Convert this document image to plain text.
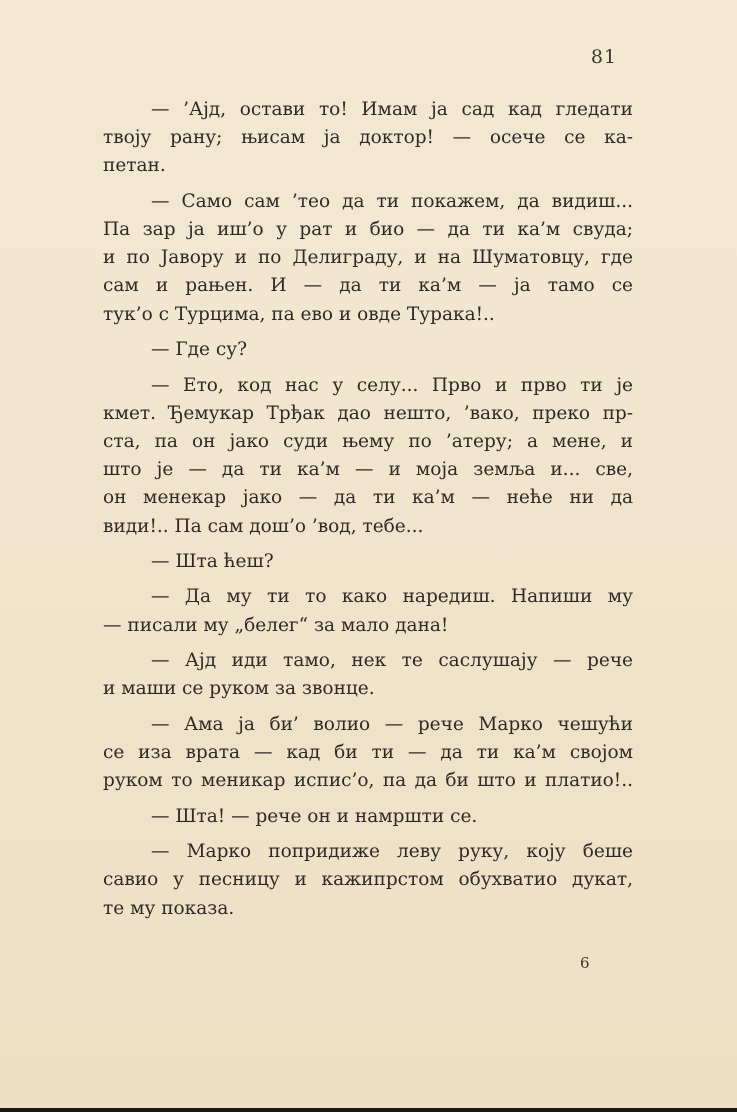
81
— ’Ајд, остави то! Имам ја сад кад гледати
твоју рану; њисам ја доктор! — осече се ка-
петан.
— Само сам ’тео да ти покажем, да видиш...
Па зар ја иш’о у рат и био — да ти ка’м свуда;
и по Јавору и по Делиграду, и на Шуматовцу, где
сам и рањен. И — да ти ка’м — ја тамо се
тук’о с Турцима, па ево и овде Турака!..
— Где су?
— Ето, код нас у селу... Прво и прво ти је
кмет. Ђемукар Трђак дао нешто, ’вако, преко пр-
ста, па он јако суди њему по ’атеру; а мене, и
што је — да ти ка’м — и моја земља и... све,
он менекар јако — да ти ка’м — неће ни да
види!.. Па сам дош’о ’вод, тебе...
— Шта ћеш?
— Да му ти то како наредиш. Напиши му
— писали му „белег“ за мало дана!
— Ајд иди тамо, нек те саслушају — рече
и маши се руком за звонце.
— Ама ја би’ волио — рече Марко чешући
се иза врата — кад би ти — да ти ка’м својом
руком то меникар испис’о, па да би што и платио!..
— Шта! — рече он и намршти се.
— Марко попридиже леву руку, коју беше
савио у песницу и кажипрстом обухватио дукат,
те му показа.
6
